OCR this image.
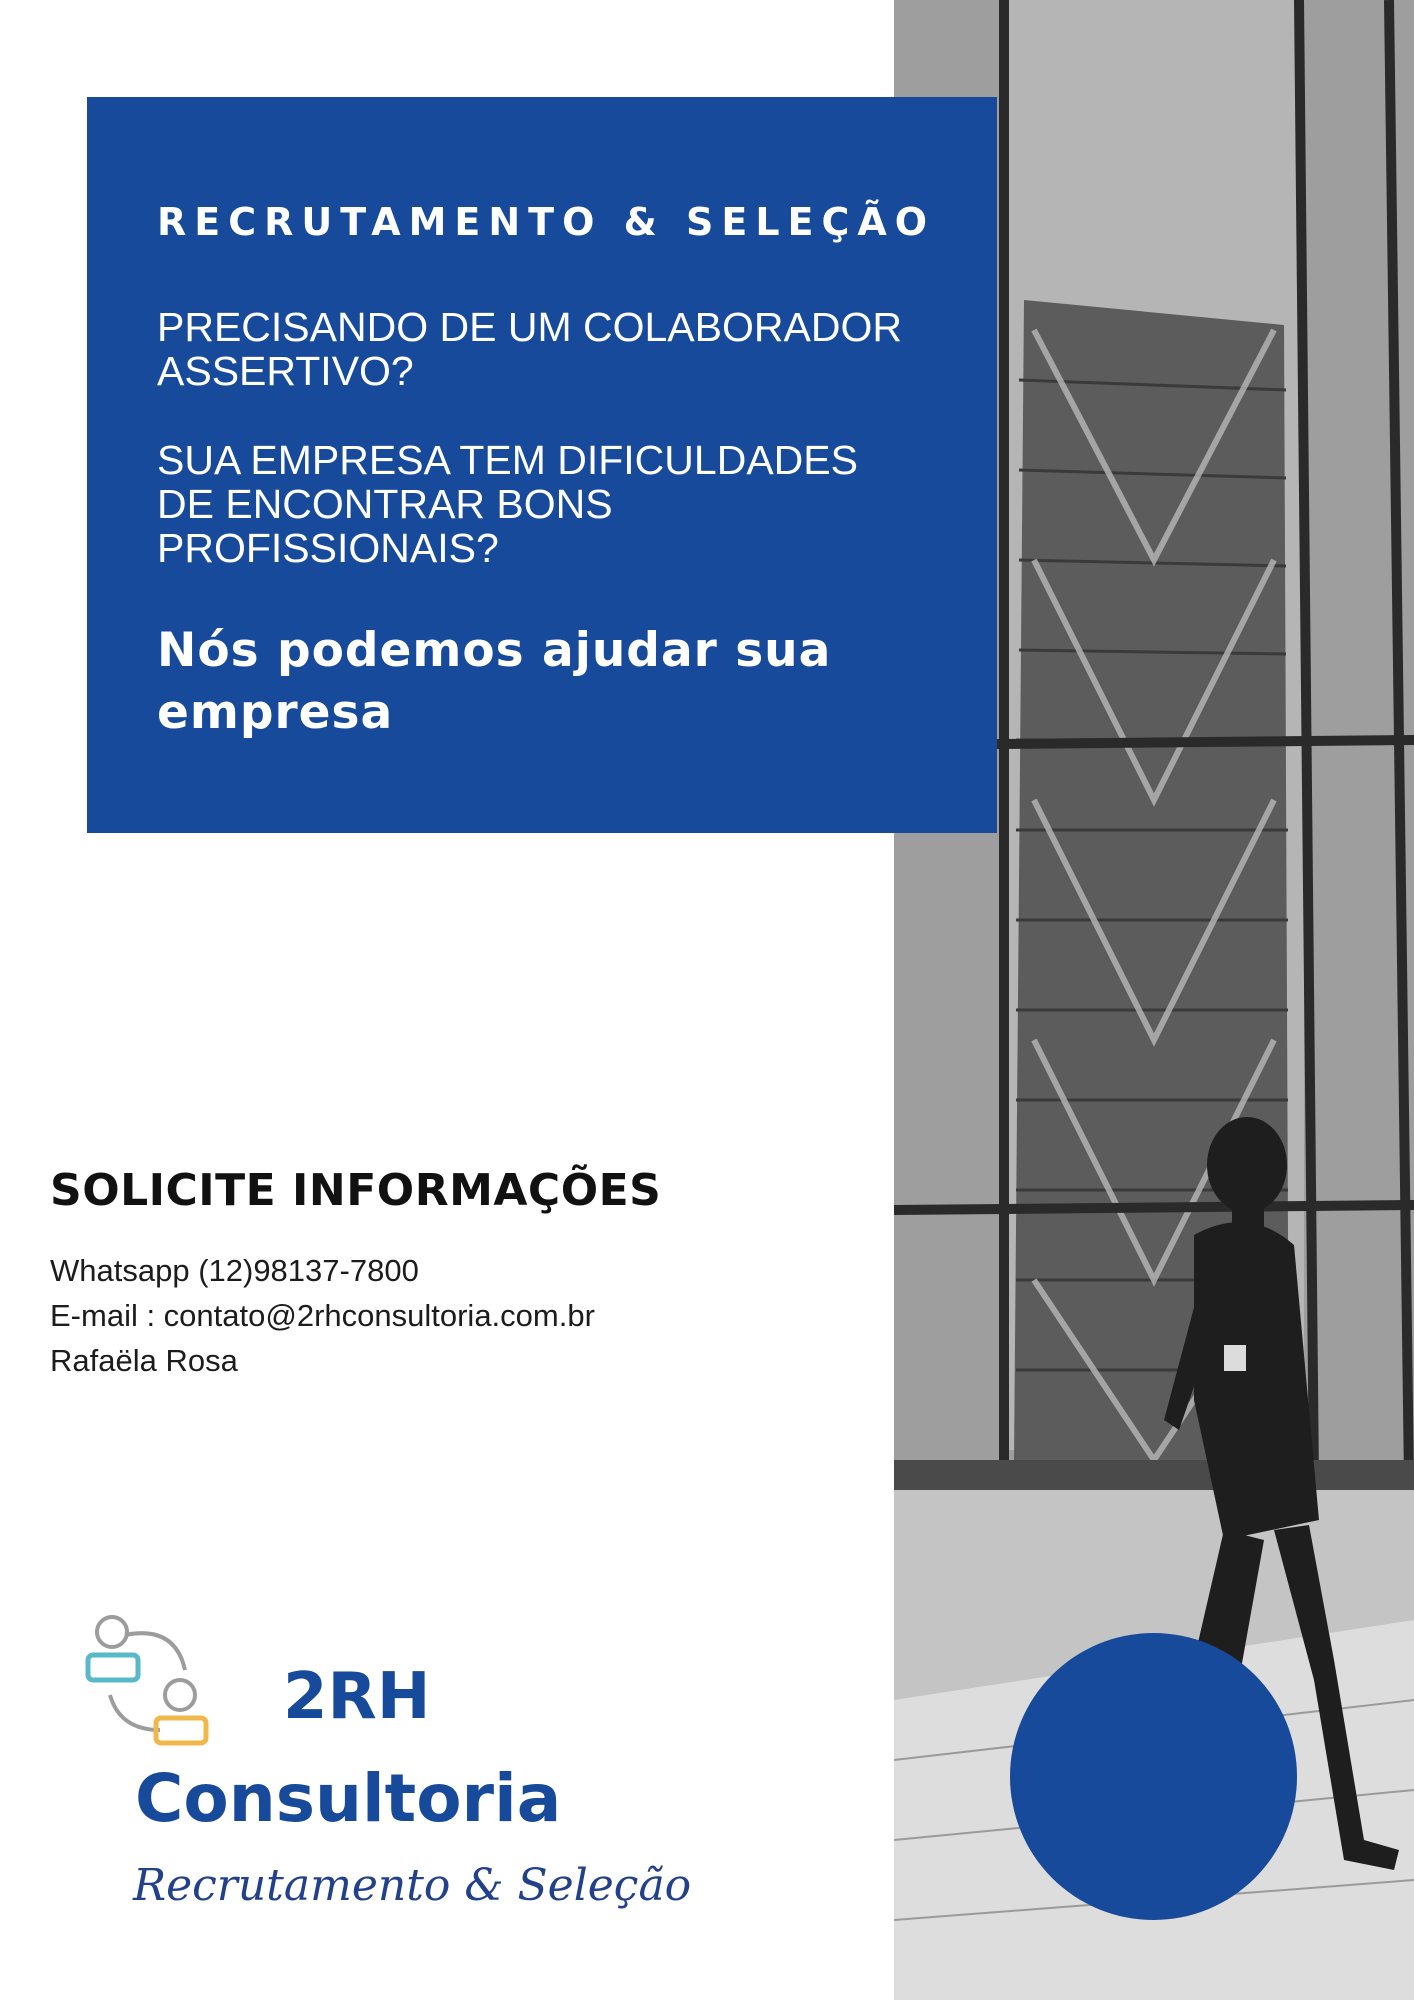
RECRUTAMENTO & SELEÇÃO

PRECISANDO DE UM COLABORADOR ASSERTIVO?

SUA EMPRESA TEM DIFICULDADES DE ENCONTRAR BONS PROFISSIONAIS?

Nós podemos ajudar sua empresa

SOLICITE INFORMAÇÕES

Whatsapp (12)98137-7800

E-mail : contato@2rhconsultoria.com.br

Rafaëla Rosa

2RH

Consultoria

Recrutamento & Seleção
